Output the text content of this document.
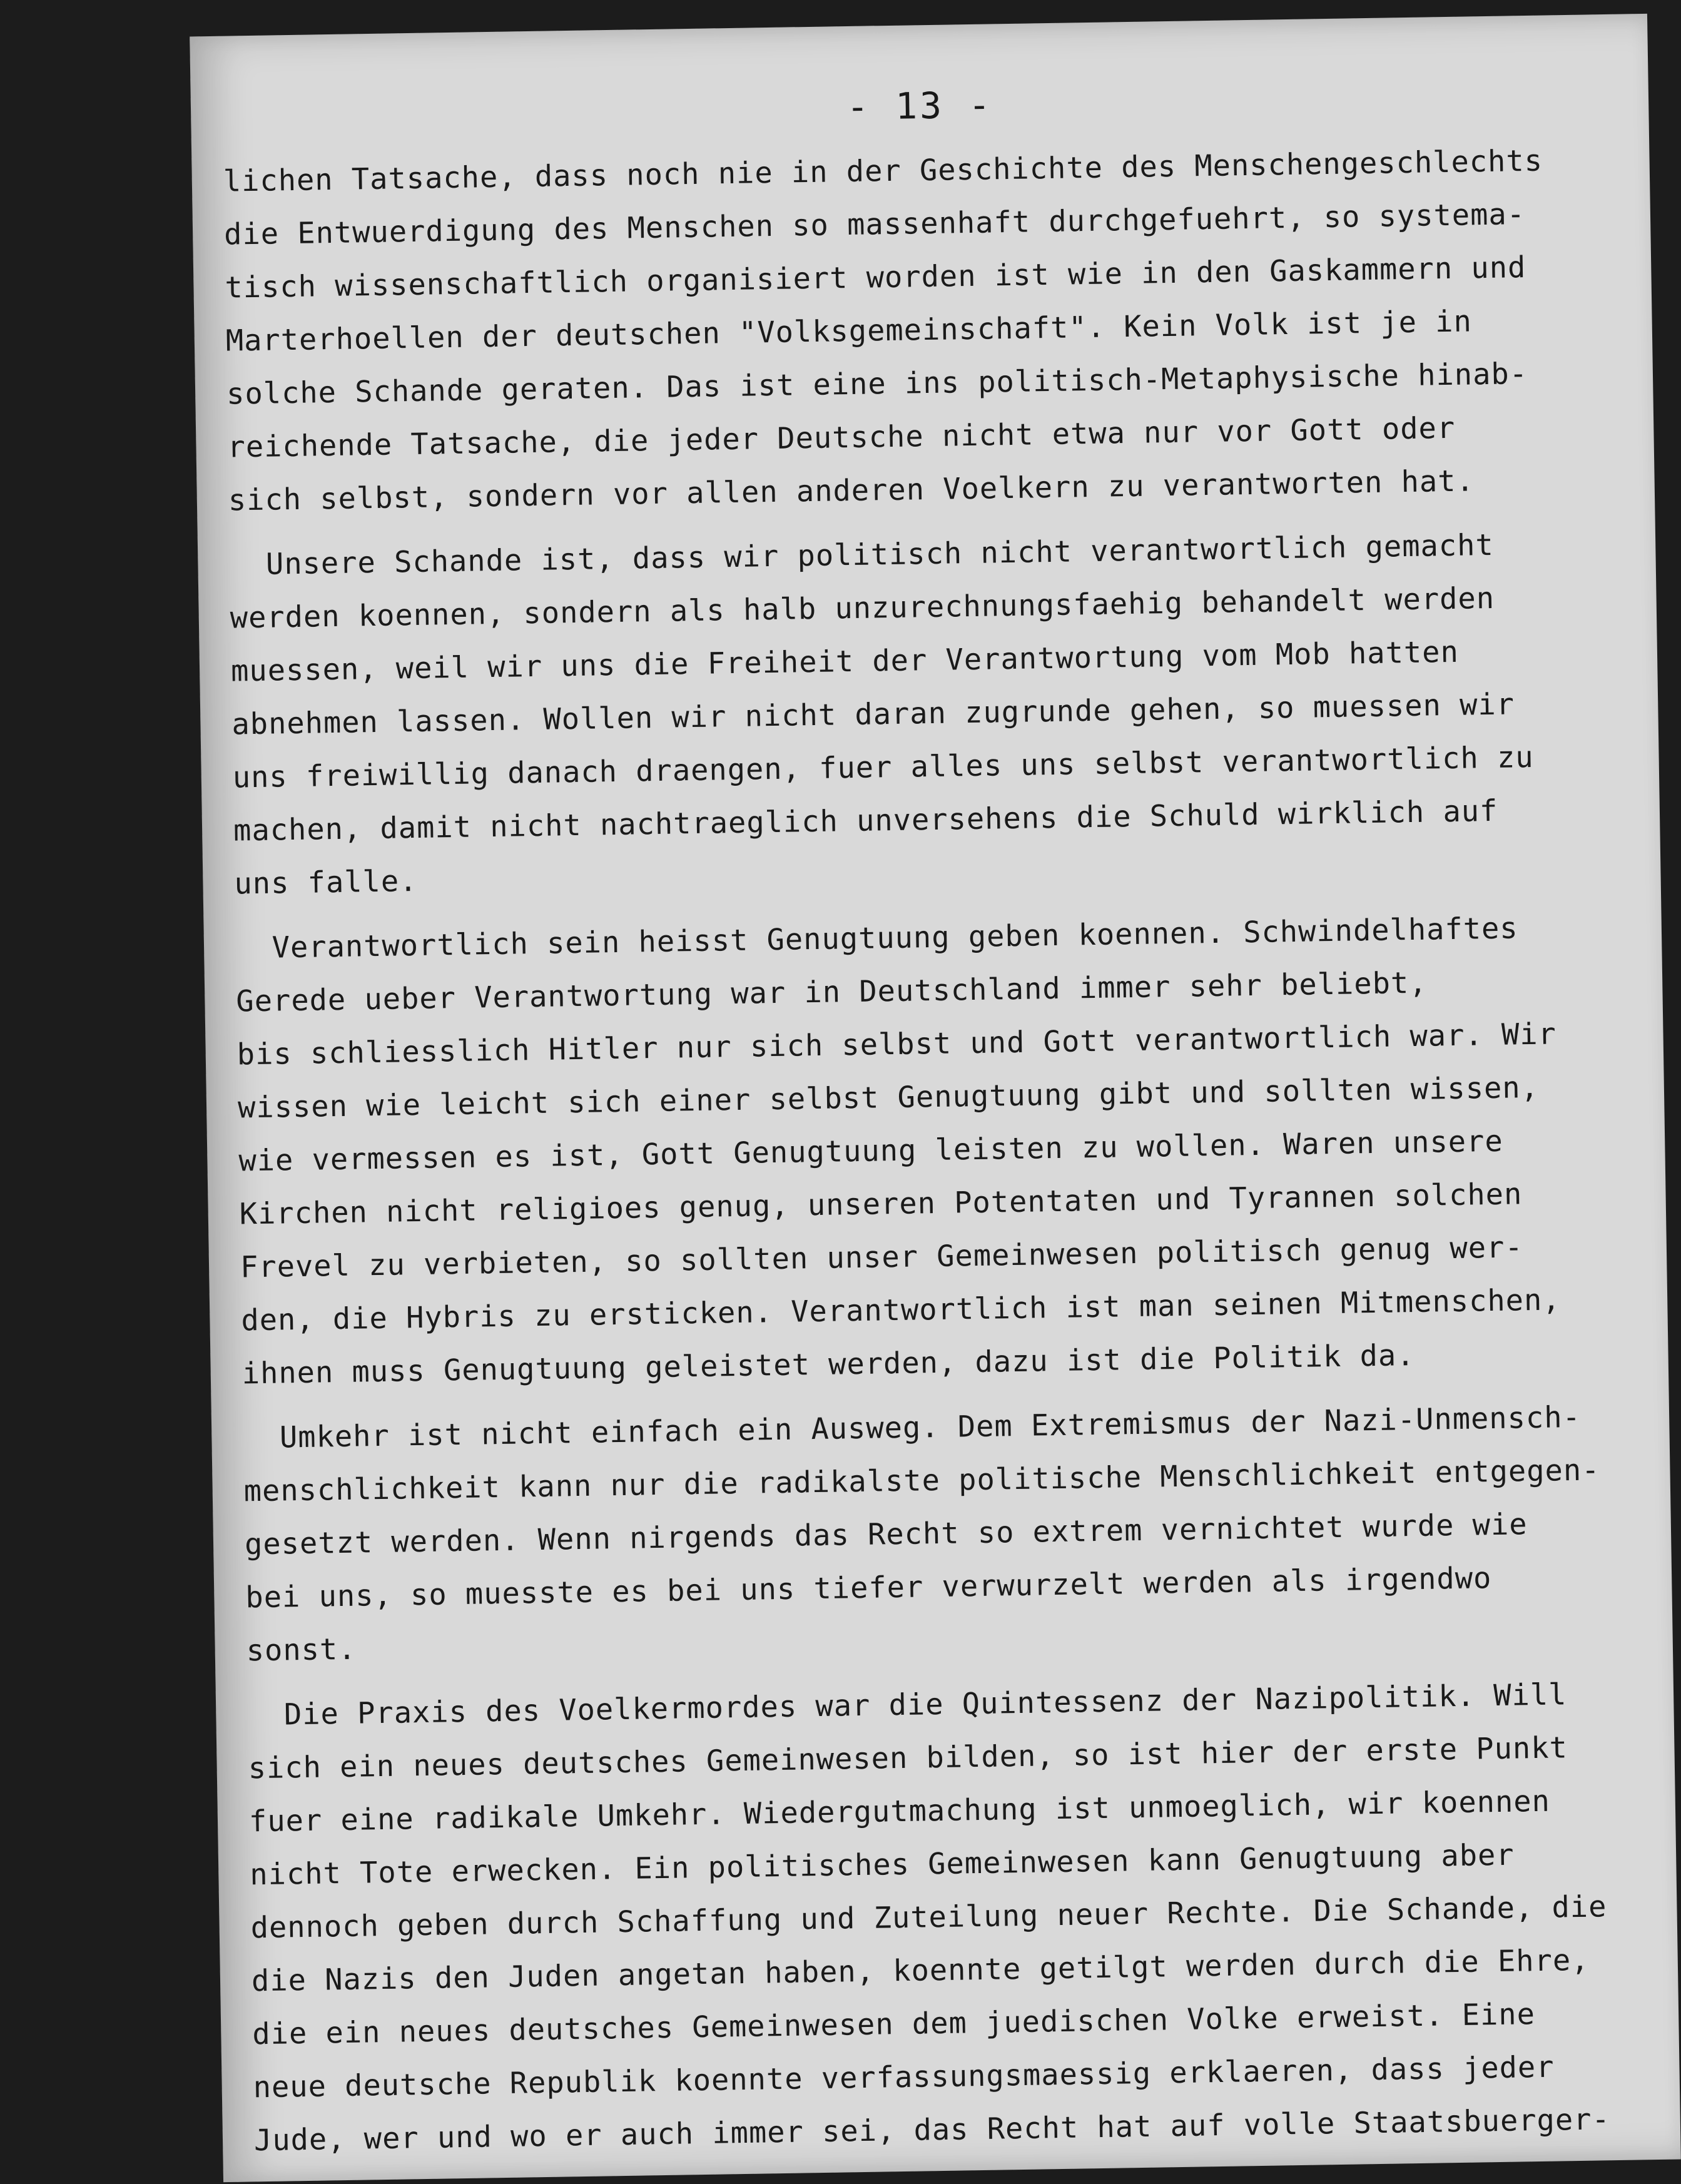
- 13 -
lichen Tatsache, dass noch nie in der Geschichte des Menschengeschlechts
die Entwuerdigung des Menschen so massenhaft durchgefuehrt, so systema-
tisch wissenschaftlich organisiert worden ist wie in den Gaskammern und
Marterhoellen der deutschen "Volksgemeinschaft". Kein Volk ist je in
solche Schande geraten. Das ist eine ins politisch-Metaphysische hinab-
reichende Tatsache, die jeder Deutsche nicht etwa nur vor Gott oder
sich selbst, sondern vor allen anderen Voelkern zu verantworten hat.
Unsere Schande ist, dass wir politisch nicht verantwortlich gemacht
werden koennen, sondern als halb unzurechnungsfaehig behandelt werden
muessen, weil wir uns die Freiheit der Verantwortung vom Mob hatten
abnehmen lassen. Wollen wir nicht daran zugrunde gehen, so muessen wir
uns freiwillig danach draengen, fuer alles uns selbst verantwortlich zu
machen, damit nicht nachtraeglich unversehens die Schuld wirklich auf
uns falle.
Verantwortlich sein heisst Genugtuung geben koennen. Schwindelhaftes
Gerede ueber Verantwortung war in Deutschland immer sehr beliebt,
bis schliesslich Hitler nur sich selbst und Gott verantwortlich war. Wir
wissen wie leicht sich einer selbst Genugtuung gibt und sollten wissen,
wie vermessen es ist, Gott Genugtuung leisten zu wollen. Waren unsere
Kirchen nicht religioes genug, unseren Potentaten und Tyrannen solchen
Frevel zu verbieten, so sollten unser Gemeinwesen politisch genug wer-
den, die Hybris zu ersticken. Verantwortlich ist man seinen Mitmenschen,
ihnen muss Genugtuung geleistet werden, dazu ist die Politik da.
Umkehr ist nicht einfach ein Ausweg. Dem Extremismus der Nazi-Unmensch-
menschlichkeit kann nur die radikalste politische Menschlichkeit entgegen-
gesetzt werden. Wenn nirgends das Recht so extrem vernichtet wurde wie
bei uns, so muesste es bei uns tiefer verwurzelt werden als irgendwo
sonst.
Die Praxis des Voelkermordes war die Quintessenz der Nazipolitik. Will
sich ein neues deutsches Gemeinwesen bilden, so ist hier der erste Punkt
fuer eine radikale Umkehr. Wiedergutmachung ist unmoeglich, wir koennen
nicht Tote erwecken. Ein politisches Gemeinwesen kann Genugtuung aber
dennoch geben durch Schaffung und Zuteilung neuer Rechte. Die Schande, die
die Nazis den Juden angetan haben, koennte getilgt werden durch die Ehre,
die ein neues deutsches Gemeinwesen dem juedischen Volke erweist. Eine
neue deutsche Republik koennte verfassungsmaessig erklaeren, dass jeder
Jude, wer und wo er auch immer sei, das Recht hat auf volle Staatsbuerger-
